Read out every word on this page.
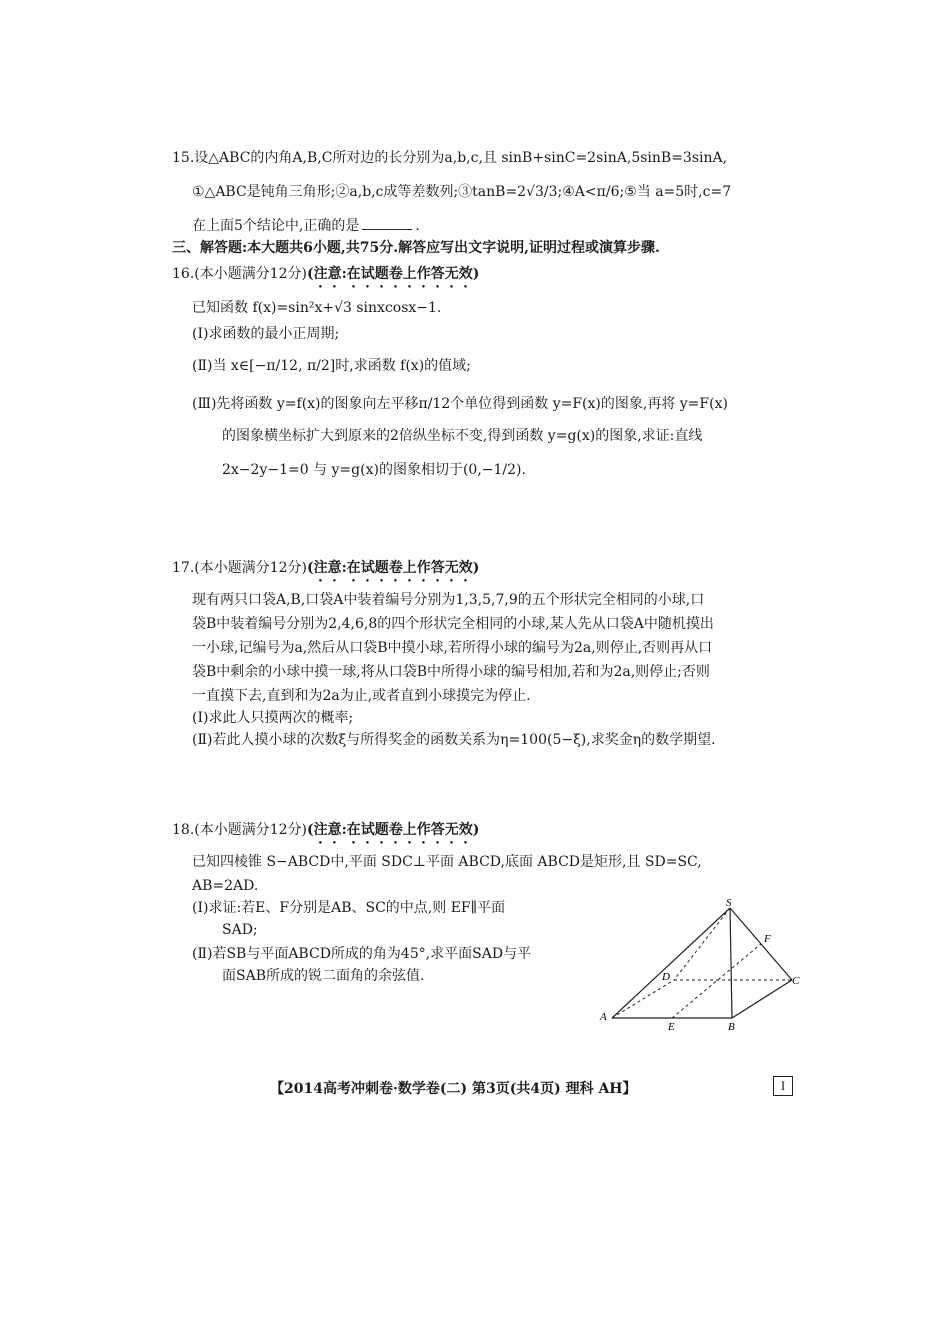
15.设△ABC的内角A,B,C所对边的长分别为a,b,c,且 sinB+sinC=2sinA,5sinB=3sinA,
①△ABC是钝角三角形;②a,b,c成等差数列;③tanB=2√3/3;④A<π/6;⑤当 a=5时,c=7
在上面5个结论中,正确的是	.
三、解答题:本大题共6小题,共75分.解答应写出文字说明,证明过程或演算步骤.
16.(本小题满分12分)(注意:在试题卷上作答无效)
已知函数 f(x)=sin²x+√3 sinxcosx−1.
(Ⅰ)求函数的最小正周期;
(Ⅱ)当 x∈[−π/12, π/2]时,求函数 f(x)的值域;
(Ⅲ)先将函数 y=f(x)的图象向左平移π/12个单位得到函数 y=F(x)的图象,再将 y=F(x)
的图象横坐标扩大到原来的2倍纵坐标不变,得到函数 y=g(x)的图象,求证:直线
2x−2y−1=0 与 y=g(x)的图象相切于(0,−1/2).
17.(本小题满分12分)(注意:在试题卷上作答无效)
现有两只口袋A,B,口袋A中装着编号分别为1,3,5,7,9的五个形状完全相同的小球,口
袋B中装着编号分别为2,4,6,8的四个形状完全相同的小球,某人先从口袋A中随机摸出
一小球,记编号为a,然后从口袋B中摸小球,若所得小球的编号为2a,则停止,否则再从口
袋B中剩余的小球中摸一球,将从口袋B中所得小球的编号相加,若和为2a,则停止;否则
一直摸下去,直到和为2a为止,或者直到小球摸完为停止.
(Ⅰ)求此人只摸两次的概率;
(Ⅱ)若此人摸小球的次数ξ与所得奖金的函数关系为η=100(5−ξ),求奖金η的数学期望.
18.(本小题满分12分)(注意:在试题卷上作答无效)
已知四棱锥 S−ABCD中,平面 SDC⊥平面 ABCD,底面 ABCD是矩形,且 SD=SC,
AB=2AD.
(Ⅰ)求证:若E、F分别是AB、SC的中点,则 EF∥平面
SAD;
(Ⅱ)若SB与平面ABCD所成的角为45°,求平面SAD与平
面SAB所成的锐二面角的余弦值.
S
F
D	C
A
E	B
【2014高考冲刺卷·数学卷(二) 第3页(共4页) 理科 AH】	I
